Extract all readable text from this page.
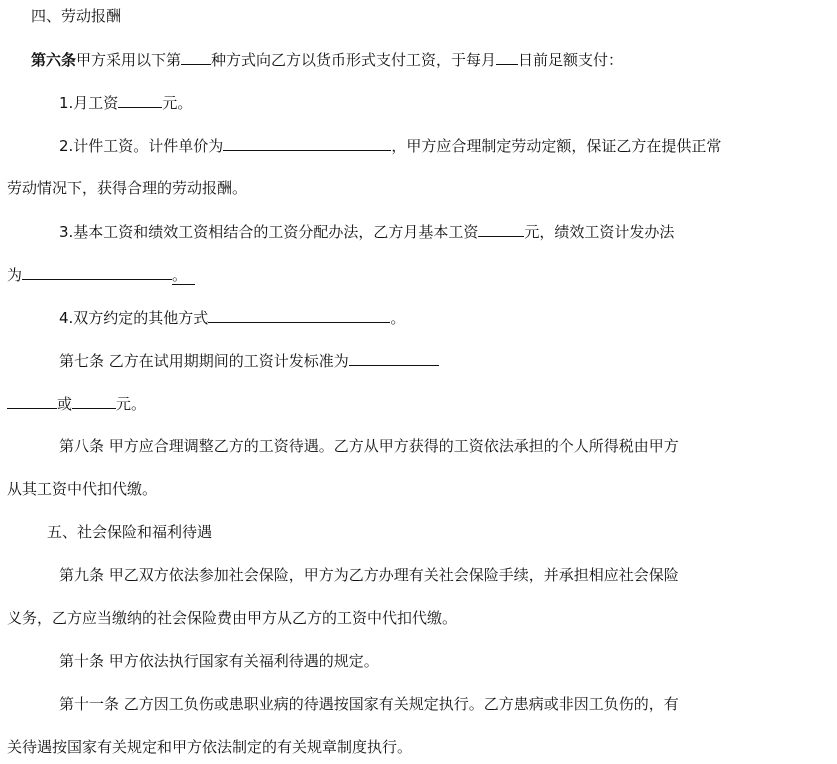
四、劳动报酬
第六条甲方采用以下第 种方式向乙方以货币形式支付工资，于每月 日前足额支付：
1.月工资	元。
2.计件工资。计件单价为	，甲方应合理制定劳动定额，保证乙方在提供正常
劳动情况下，获得合理的劳动报酬。
3.基本工资和绩效工资相结合的工资分配办法，乙方月基本工资	元，绩效工资计发办法
为	。
4.双方约定的其他方式	。
第七条 乙方在试用期期间的工资计发标准为
或	元。
第八条 甲方应合理调整乙方的工资待遇。乙方从甲方获得的工资依法承担的个人所得税由甲方
从其工资中代扣代缴。
五、社会保险和福利待遇
第九条 甲乙双方依法参加社会保险，甲方为乙方办理有关社会保险手续，并承担相应社会保险
义务，乙方应当缴纳的社会保险费由甲方从乙方的工资中代扣代缴。
第十条 甲方依法执行国家有关福利待遇的规定。
第十一条 乙方因工负伤或患职业病的待遇按国家有关规定执行。乙方患病或非因工负伤的，有
关待遇按国家有关规定和甲方依法制定的有关规章制度执行。
